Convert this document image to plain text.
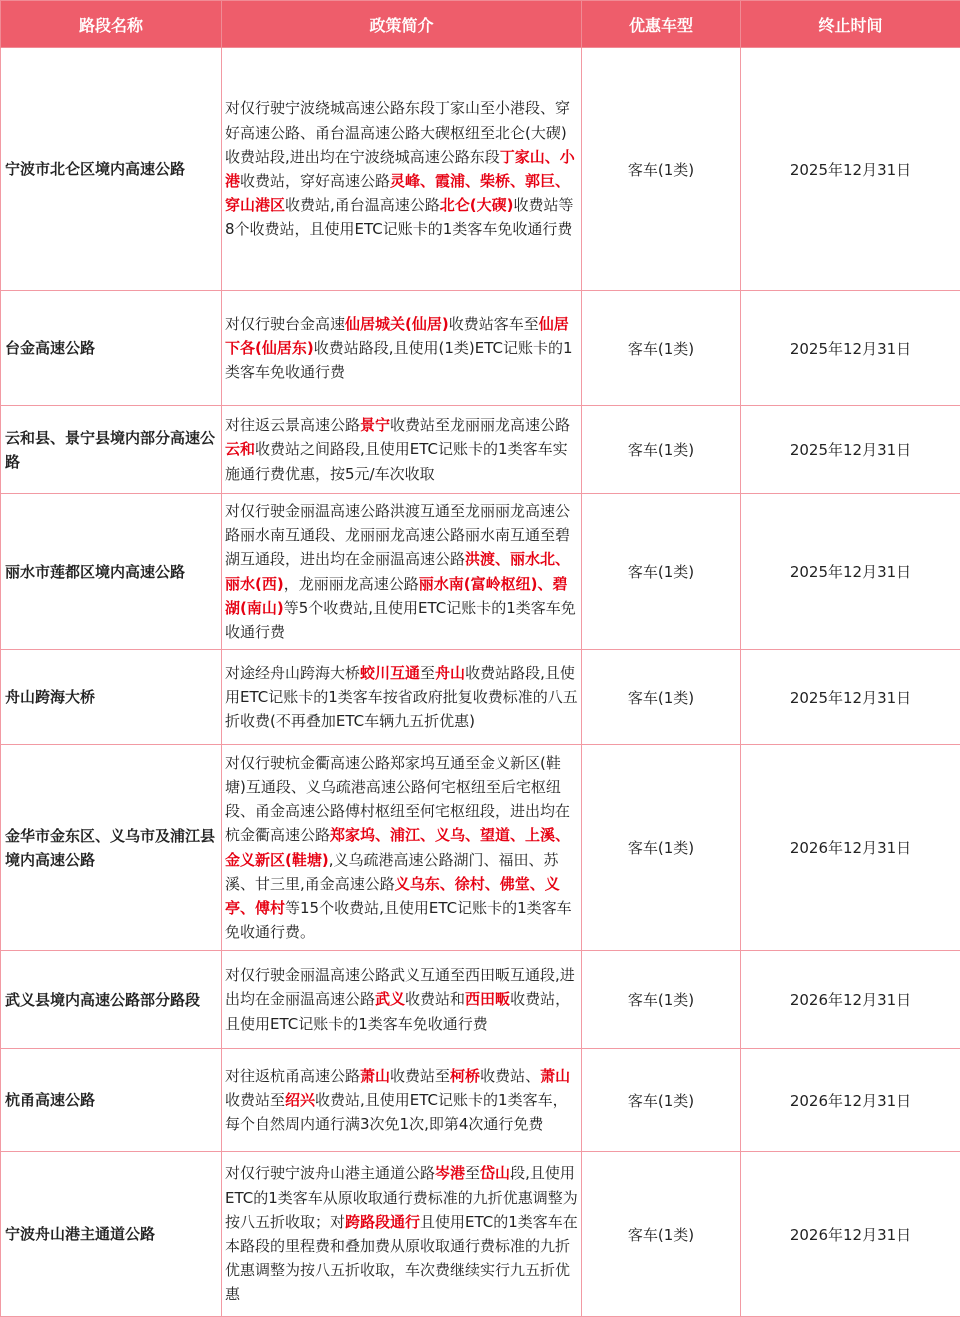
路段名称	政策简介	优惠车型	终止时间
宁波市北仑区境内高速公路	对仅行驶宁波绕城高速公路东段丁家山至小港段、穿好高速公路、甬台温高速公路大碶枢纽至北仑(大碶)收费站段,进出均在宁波绕城高速公路东段丁家山、小港收费站，穿好高速公路灵峰、霞浦、柴桥、郭巨、穿山港区收费站,甬台温高速公路北仑(大碶)收费站等8个收费站，且使用ETC记账卡的1类客车免收通行费	客车(1类)	2025年12月31日
台金高速公路	对仅行驶台金高速仙居城关(仙居)收费站客车至仙居下各(仙居东)收费站路段,且使用(1类)ETC记账卡的1类客车免收通行费	客车(1类)	2025年12月31日
云和县、景宁县境内部分高速公路	对往返云景高速公路景宁收费站至龙丽丽龙高速公路云和收费站之间路段,且使用ETC记账卡的1类客车实施通行费优惠，按5元/车次收取	客车(1类)	2025年12月31日
丽水市莲都区境内高速公路	对仅行驶金丽温高速公路洪渡互通至龙丽丽龙高速公路丽水南互通段、龙丽丽龙高速公路丽水南互通至碧湖互通段，进出均在金丽温高速公路洪渡、丽水北、丽水(西)，龙丽丽龙高速公路丽水南(富岭枢纽)、碧湖(南山)等5个收费站,且使用ETC记账卡的1类客车免收通行费	客车(1类)	2025年12月31日
舟山跨海大桥	对途经舟山跨海大桥蛟川互通至舟山收费站路段,且使用ETC记账卡的1类客车按省政府批复收费标准的八五折收费(不再叠加ETC车辆九五折优惠)	客车(1类)	2025年12月31日
金华市金东区、义乌市及浦江县境内高速公路	对仅行驶杭金衢高速公路郑家坞互通至金义新区(鞋塘)互通段、义乌疏港高速公路何宅枢纽至后宅枢纽段、甬金高速公路傅村枢纽至何宅枢纽段，进出均在杭金衢高速公路郑家坞、浦江、义乌、望道、上溪、金义新区(鞋塘),义乌疏港高速公路湖门、福田、苏溪、甘三里,甬金高速公路义乌东、徐村、佛堂、义亭、傅村等15个收费站,且使用ETC记账卡的1类客车免收通行费。	客车(1类)	2026年12月31日
武义县境内高速公路部分路段	对仅行驶金丽温高速公路武义互通至西田畈互通段,进出均在金丽温高速公路武义收费站和西田畈收费站，且使用ETC记账卡的1类客车免收通行费	客车(1类)	2026年12月31日
杭甬高速公路	对往返杭甬高速公路萧山收费站至柯桥收费站、萧山收费站至绍兴收费站,且使用ETC记账卡的1类客车，每个自然周内通行满3次免1次,即第4次通行免费	客车(1类)	2026年12月31日
宁波舟山港主通道公路	对仅行驶宁波舟山港主通道公路岑港至岱山段,且使用ETC的1类客车从原收取通行费标准的九折优惠调整为按八五折收取；对跨路段通行且使用ETC的1类客车在本路段的里程费和叠加费从原收取通行费标准的九折优惠调整为按八五折收取，车次费继续实行九五折优惠	客车(1类)	2026年12月31日
